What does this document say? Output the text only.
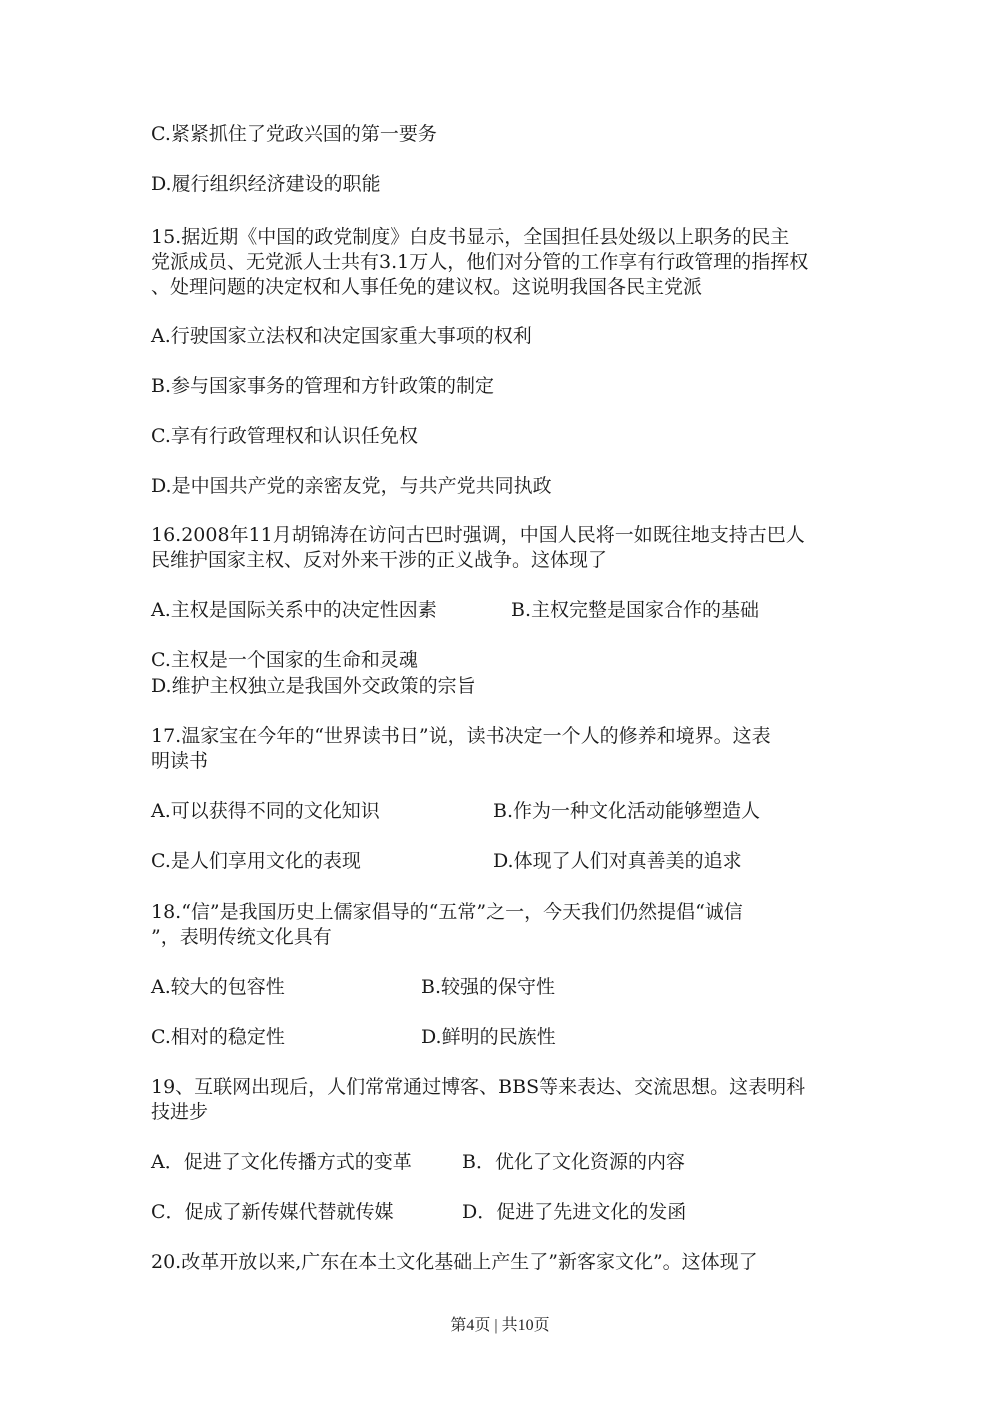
C.紧紧抓住了党政兴国的第一要务
D.履行组织经济建设的职能
15.据近期《中国的政党制度》白皮书显示，全国担任县处级以上职务的民主
党派成员、无党派人士共有3.1万人，他们对分管的工作享有行政管理的指挥权
、处理问题的决定权和人事任免的建议权。这说明我国各民主党派
A.行驶国家立法权和决定国家重大事项的权利
B.参与国家事务的管理和方针政策的制定
C.享有行政管理权和认识任免权
D.是中国共产党的亲密友党，与共产党共同执政
16.2008年11月胡锦涛在访问古巴时强调，中国人民将一如既往地支持古巴人
民维护国家主权、反对外来干涉的正义战争。这体现了
A.主权是国际关系中的决定性因素	B.主权完整是国家合作的基础
C.主权是一个国家的生命和灵魂
D.维护主权独立是我国外交政策的宗旨
17.温家宝在今年的“世界读书日”说，读书决定一个人的修养和境界。这表
明读书
A.可以获得不同的文化知识	B.作为一种文化活动能够塑造人
C.是人们享用文化的表现	D.体现了人们对真善美的追求
18.“信”是我国历史上儒家倡导的“五常”之一，今天我们仍然提倡“诚信
”，表明传统文化具有
A.较大的包容性	B.较强的保守性
C.相对的稳定性	D.鲜明的民族性
19、互联网出现后，人们常常通过博客、BBS等来表达、交流思想。这表明科
技进步
A．促进了文化传播方式的变革	B．优化了文化资源的内容
C．促成了新传媒代替就传媒	D．促进了先进文化的发函
20.改革开放以来,广东在本土文化基础上产生了”新客家文化”。这体现了
第4页 | 共10页
